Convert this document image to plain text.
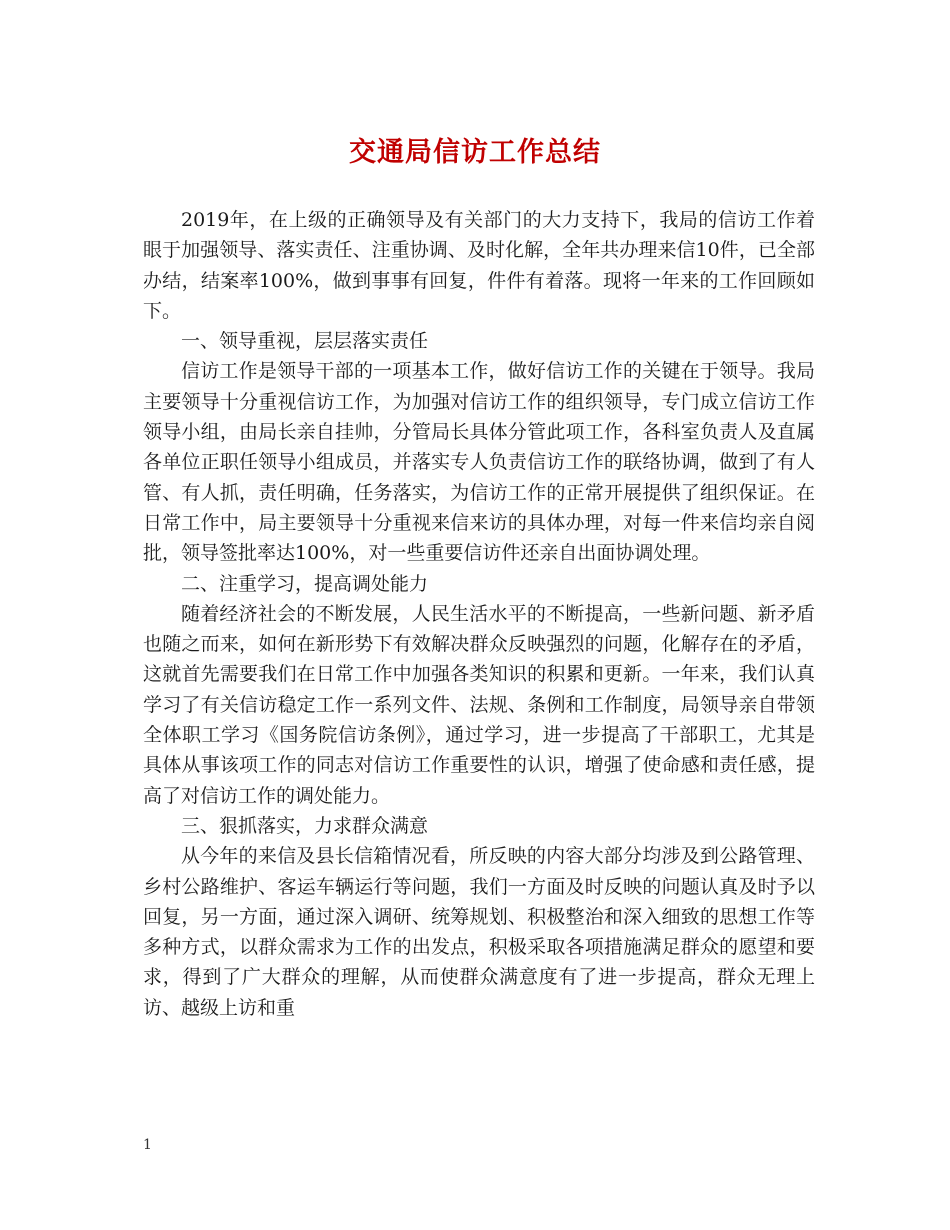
交通局信访工作总结

2019年，在上级的正确领导及有关部门的大力支持下，我局的信访工作着眼于加强领导、落实责任、注重协调、及时化解，全年共办理来信10件，已全部办结，结案率100%，做到事事有回复，件件有着落。现将一年来的工作回顾如下。

一、领导重视，层层落实责任

信访工作是领导干部的一项基本工作，做好信访工作的关键在于领导。我局主要领导十分重视信访工作，为加强对信访工作的组织领导，专门成立信访工作领导小组，由局长亲自挂帅，分管局长具体分管此项工作，各科室负责人及直属各单位正职任领导小组成员，并落实专人负责信访工作的联络协调，做到了有人管、有人抓，责任明确，任务落实，为信访工作的正常开展提供了组织保证。在日常工作中，局主要领导十分重视来信来访的具体办理，对每一件来信均亲自阅批，领导签批率达100%，对一些重要信访件还亲自出面协调处理。

二、注重学习，提高调处能力

随着经济社会的不断发展，人民生活水平的不断提高，一些新问题、新矛盾也随之而来，如何在新形势下有效解决群众反映强烈的问题，化解存在的矛盾，这就首先需要我们在日常工作中加强各类知识的积累和更新。一年来，我们认真学习了有关信访稳定工作一系列文件、法规、条例和工作制度，局领导亲自带领全体职工学习《国务院信访条例》，通过学习，进一步提高了干部职工，尤其是具体从事该项工作的同志对信访工作重要性的认识，增强了使命感和责任感，提高了对信访工作的调处能力。

三、狠抓落实，力求群众满意

从今年的来信及县长信箱情况看，所反映的内容大部分均涉及到公路管理、乡村公路维护、客运车辆运行等问题，我们一方面及时反映的问题认真及时予以回复，另一方面，通过深入调研、统筹规划、积极整治和深入细致的思想工作等多种方式，以群众需求为工作的出发点，积极采取各项措施满足群众的愿望和要求，得到了广大群众的理解，从而使群众满意度有了进一步提高，群众无理上访、越级上访和重

1
